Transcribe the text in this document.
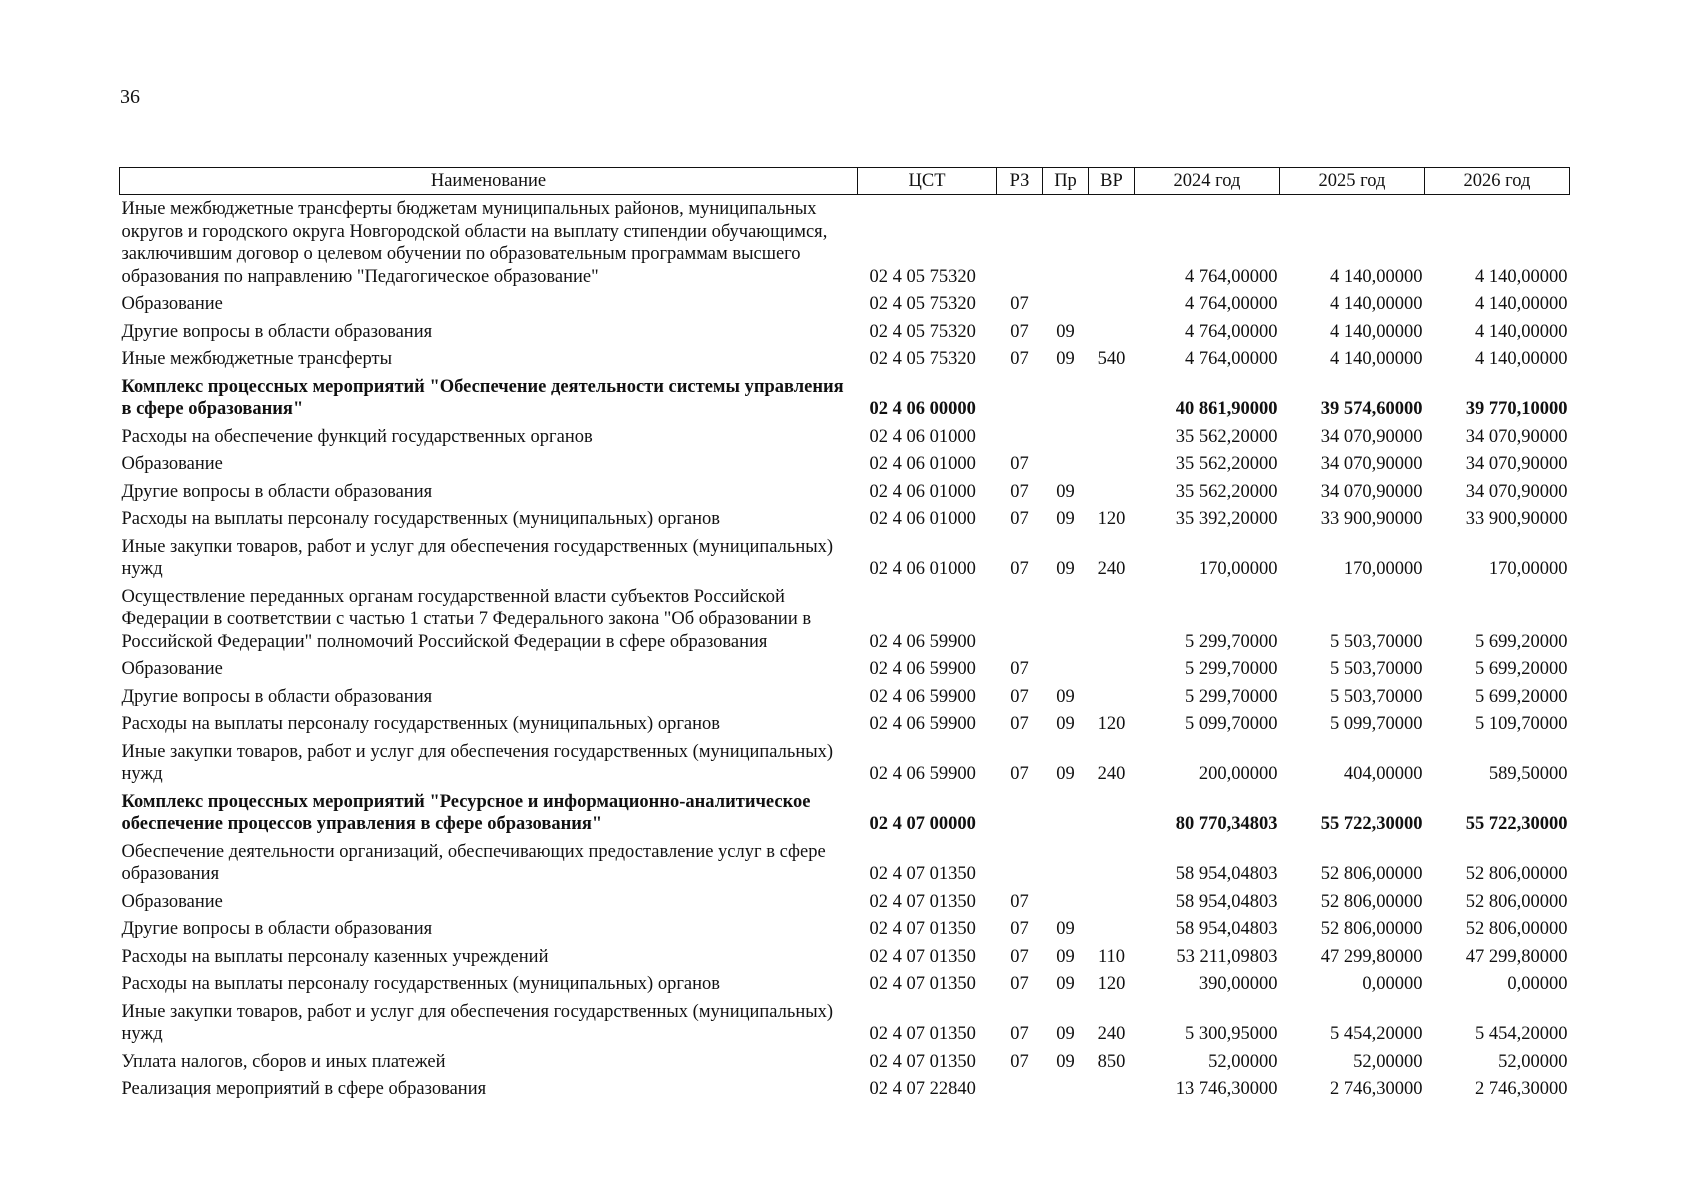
36
Наименование	ЦСТ	РЗ	Пр	ВР	2024 год	2025 год	2026 год
Иные межбюджетные трансферты бюджетам муниципальных районов, муниципальных округов и городского округа Новгородской области на выплату стипендии обучающимся, заключившим договор о целевом обучении по образовательным программам высшего образования по направлению "Педагогическое образование"	02 4 05 75320				4 764,00000	4 140,00000	4 140,00000
Образование	02 4 05 75320	07			4 764,00000	4 140,00000	4 140,00000
Другие вопросы в области образования	02 4 05 75320	07	09		4 764,00000	4 140,00000	4 140,00000
Иные межбюджетные трансферты	02 4 05 75320	07	09	540	4 764,00000	4 140,00000	4 140,00000
Комплекс процессных мероприятий "Обеспечение деятельности системы управления в сфере образования"	02 4 06 00000				40 861,90000	39 574,60000	39 770,10000
Расходы на обеспечение функций государственных органов	02 4 06 01000				35 562,20000	34 070,90000	34 070,90000
Образование	02 4 06 01000	07			35 562,20000	34 070,90000	34 070,90000
Другие вопросы в области образования	02 4 06 01000	07	09		35 562,20000	34 070,90000	34 070,90000
Расходы на выплаты персоналу государственных (муниципальных) органов	02 4 06 01000	07	09	120	35 392,20000	33 900,90000	33 900,90000
Иные закупки товаров, работ и услуг для обеспечения государственных (муниципальных) нужд	02 4 06 01000	07	09	240	170,00000	170,00000	170,00000
Осуществление переданных органам государственной власти субъектов Российской Федерации в соответствии с частью 1 статьи 7 Федерального закона "Об образовании в Российской Федерации" полномочий Российской Федерации в сфере образования	02 4 06 59900				5 299,70000	5 503,70000	5 699,20000
Образование	02 4 06 59900	07			5 299,70000	5 503,70000	5 699,20000
Другие вопросы в области образования	02 4 06 59900	07	09		5 299,70000	5 503,70000	5 699,20000
Расходы на выплаты персоналу государственных (муниципальных) органов	02 4 06 59900	07	09	120	5 099,70000	5 099,70000	5 109,70000
Иные закупки товаров, работ и услуг для обеспечения государственных (муниципальных) нужд	02 4 06 59900	07	09	240	200,00000	404,00000	589,50000
Комплекс процессных мероприятий "Ресурсное и информационно-аналитическое обеспечение процессов управления в сфере образования"	02 4 07 00000				80 770,34803	55 722,30000	55 722,30000
Обеспечение деятельности организаций, обеспечивающих предоставление услуг в сфере образования	02 4 07 01350				58 954,04803	52 806,00000	52 806,00000
Образование	02 4 07 01350	07			58 954,04803	52 806,00000	52 806,00000
Другие вопросы в области образования	02 4 07 01350	07	09		58 954,04803	52 806,00000	52 806,00000
Расходы на выплаты персоналу казенных учреждений	02 4 07 01350	07	09	110	53 211,09803	47 299,80000	47 299,80000
Расходы на выплаты персоналу государственных (муниципальных) органов	02 4 07 01350	07	09	120	390,00000	0,00000	0,00000
Иные закупки товаров, работ и услуг для обеспечения государственных (муниципальных) нужд	02 4 07 01350	07	09	240	5 300,95000	5 454,20000	5 454,20000
Уплата налогов, сборов и иных платежей	02 4 07 01350	07	09	850	52,00000	52,00000	52,00000
Реализация мероприятий в сфере образования	02 4 07 22840				13 746,30000	2 746,30000	2 746,30000
